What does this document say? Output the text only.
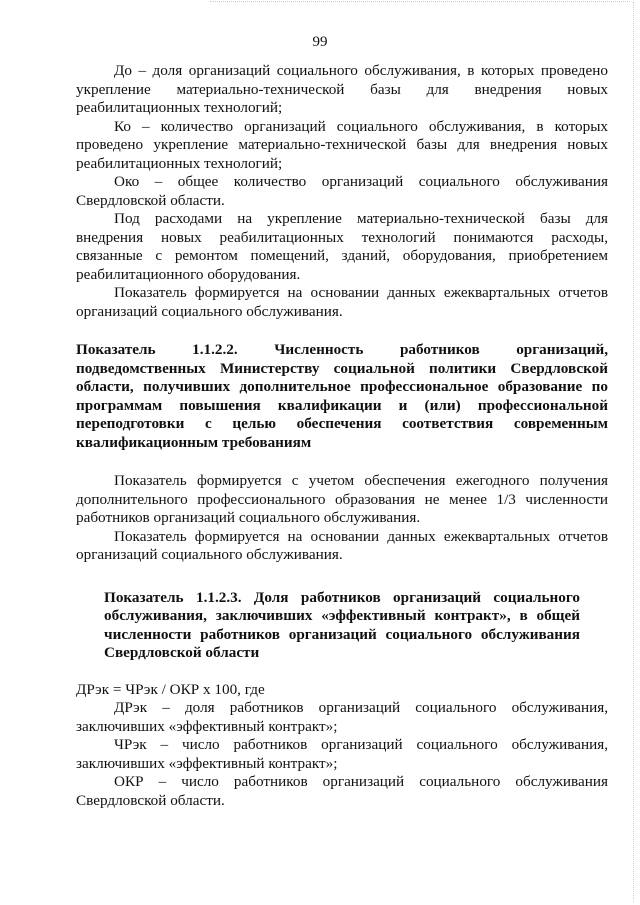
99

До – доля организаций социального обслуживания, в которых проведено укрепление материально-технической базы для внедрения новых реабилитационных технологий;

Ко – количество организаций социального обслуживания, в которых проведено укрепление материально-технической базы для внедрения новых реабилитационных технологий;

Око – общее количество организаций социального обслуживания Свердловской области.

Под расходами на укрепление материально-технической базы для внедрения новых реабилитационных технологий понимаются расходы, связанные с ремонтом помещений, зданий, оборудования, приобретением реабилитационного оборудования.

Показатель формируется на основании данных ежеквартальных отчетов организаций социального обслуживания.

Показатель 1.1.2.2. Численность работников организаций, подведомственных Министерству социальной политики Свердловской области, получивших дополнительное профессиональное образование по программам повышения квалификации и (или) профессиональной переподготовки с целью обеспечения соответствия современным квалификационным требованиям

Показатель формируется с учетом обеспечения ежегодного получения дополнительного профессионального образования не менее 1/3 численности работников организаций социального обслуживания.

Показатель формируется на основании данных ежеквартальных отчетов организаций социального обслуживания.

Показатель 1.1.2.3. Доля работников организаций социального обслуживания, заключивших «эффективный контракт», в общей численности работников организаций социального обслуживания Свердловской области

ДРэк = ЧРэк / ОКР x 100, где

ДРэк – доля работников организаций социального обслуживания, заключивших «эффективный контракт»;

ЧРэк – число работников организаций социального обслуживания, заключивших «эффективный контракт»;

ОКР – число работников организаций социального обслуживания Свердловской области.
